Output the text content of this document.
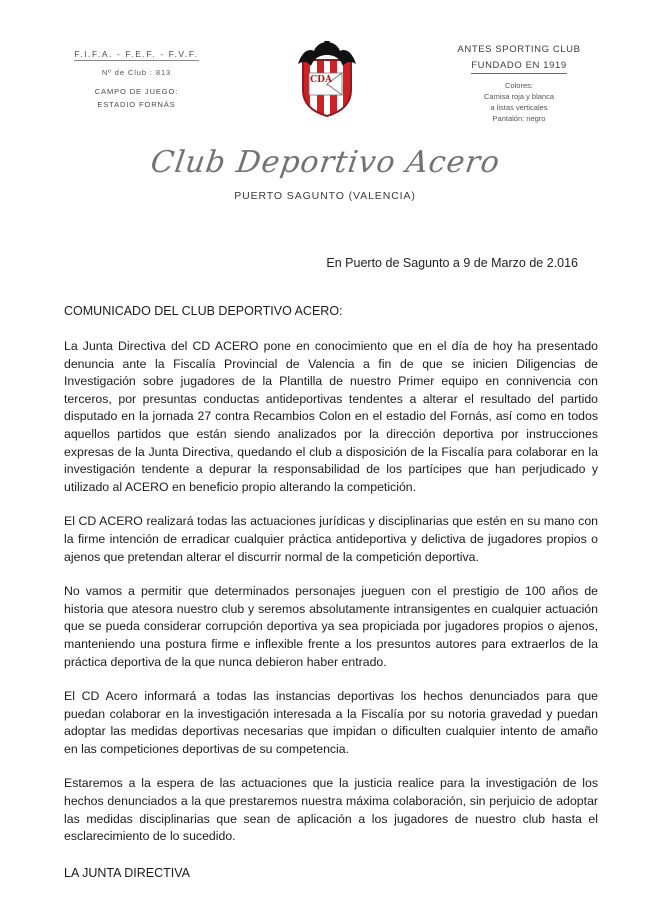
F.I.F.A. - F.E.F. - F.V.F.
Nº de Club : 813
CAMPO DE JUEGO:
ESTADIO FORNÁS
CDA
ANTES SPORTING CLUB
FUNDADO EN 1919
Colores:
Camisa roja y blanca
a listas verticales
Pantalón: negro
Club Deportivo Acero
PUERTO SAGUNTO (VALENCIA)
En Puerto de Sagunto a 9 de Marzo de 2.016
COMUNICADO DEL CLUB DEPORTIVO ACERO:

La Junta Directiva del CD ACERO pone en conocimiento que en el día de hoy ha presentado denuncia ante la Fiscalía Provincial de Valencia a fin de que se inicien Diligencias de Investigación sobre jugadores de la Plantilla de nuestro Primer equipo en connivencia con terceros, por presuntas conductas antideportivas tendentes a alterar el resultado del partido disputado en la jornada 27 contra Recambios Colon en el estadio del Fornás, así como en todos aquellos partidos que están siendo analizados por la dirección deportiva por instrucciones expresas de la Junta Directiva, quedando el club a disposición de la Fiscalía para colaborar en la investigación tendente a depurar la responsabilidad de los partícipes que han perjudicado y utilizado al ACERO en beneficio propio alterando la competición.

El CD ACERO realizará todas las actuaciones jurídicas y disciplinarias que estén en su mano con la firme intención de erradicar cualquier práctica antideportiva y delictiva de jugadores propios o ajenos que pretendan alterar el discurrir normal de la competición deportiva.

No vamos a permitir que determinados personajes jueguen con el prestigio de 100 años de historia que atesora nuestro club y seremos absolutamente intransigentes en cualquier actuación que se pueda considerar corrupción deportiva ya sea propiciada por jugadores propios o ajenos, manteniendo una postura firme e inflexible frente a los presuntos autores para extraerlos de la práctica deportiva de la que nunca debieron haber entrado.

El CD Acero informará a todas las instancias deportivas los hechos denunciados para que puedan colaborar en la investigación interesada a la Fiscalía por su notoria gravedad y puedan adoptar las medidas deportivas necesarias que impidan o dificulten cualquier intento de amaño en las competiciones deportivas de su competencia.

Estaremos a la espera de las actuaciones que la justicia realice para la investigación de los hechos denunciados a la que prestaremos nuestra máxima colaboración, sin perjuicio de adoptar las medidas disciplinarias que sean de aplicación a los jugadores de nuestro club hasta el esclarecimiento de lo sucedido.

LA JUNTA DIRECTIVA
